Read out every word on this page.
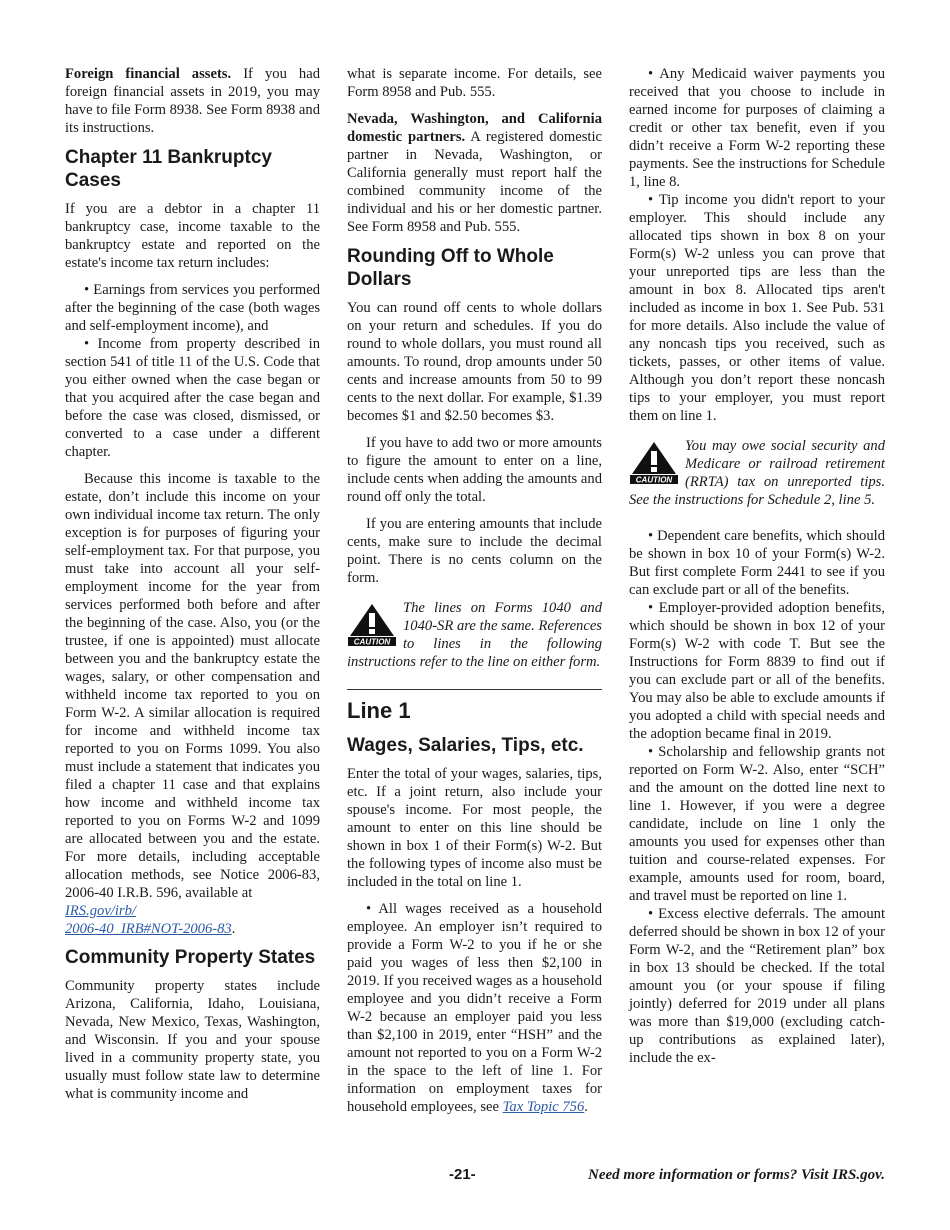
Foreign financial assets. If you had foreign financial assets in 2019, you may have to file Form 8938. See Form 8938 and its instructions.

Chapter 11 Bankruptcy Cases

If you are a debtor in a chapter 11 bankruptcy case, income taxable to the bankruptcy estate and reported on the estate's income tax return includes:

• Earnings from services you performed after the beginning of the case (both wages and self-employment income), and

• Income from property described in section 541 of title 11 of the U.S. Code that you either owned when the case began or that you acquired after the case began and before the case was closed, dismissed, or converted to a case under a different chapter.

Because this income is taxable to the estate, don’t include this income on your own individual income tax return. The only exception is for purposes of figuring your self-employment tax. For that purpose, you must take into account all your self-employment income for the year from services performed both before and after the beginning of the case. Also, you (or the trustee, if one is appointed) must allocate between you and the bankruptcy estate the wages, salary, or other compensation and withheld income tax reported to you on Form W-2. A similar allocation is required for income and withheld income tax reported to you on Forms 1099. You also must include a statement that indicates you filed a chapter 11 case and that explains how income and withheld income tax reported to you on Forms W-2 and 1099 are allocated between you and the estate. For more details, including acceptable allocation methods, see Notice 2006-83, 2006-40 I.R.B. 596, available at
IRS.gov/irb/
2006-40_IRB#NOT-2006-83.

Community Property States

Community property states include Arizona, California, Idaho, Louisiana, Nevada, New Mexico, Texas, Washington, and Wisconsin. If you and your spouse lived in a community property state, you usually must follow state law to determine what is community income and

what is separate income. For details, see Form 8958 and Pub. 555.

Nevada, Washington, and California domestic partners. A registered domestic partner in Nevada, Washington, or California generally must report half the combined community income of the individual and his or her domestic partner. See Form 8958 and Pub. 555.

Rounding Off to Whole Dollars

You can round off cents to whole dollars on your return and schedules. If you do round to whole dollars, you must round all amounts. To round, drop amounts under 50 cents and increase amounts from 50 to 99 cents to the next dollar. For example, $1.39 becomes $1 and $2.50 becomes $3.

If you have to add two or more amounts to figure the amount to enter on a line, include cents when adding the amounts and round off only the total.

If you are entering amounts that include cents, make sure to include the decimal point. There is no cents column on the form.

CAUTION
The lines on Forms 1040 and 1040-SR are the same. References to lines in the following instructions refer to the line on either form.
Line 1
Wages, Salaries, Tips, etc.

Enter the total of your wages, salaries, tips, etc. If a joint return, also include your spouse's income. For most people, the amount to enter on this line should be shown in box 1 of their Form(s) W-2. But the following types of income also must be included in the total on line 1.

• All wages received as a household employee. An employer isn’t required to provide a Form W-2 to you if he or she paid you wages of less then $2,100 in 2019. If you received wages as a household employee and you didn’t receive a Form W-2 because an employer paid you less than $2,100 in 2019, enter “HSH” and the amount not reported to you on a Form W-2 in the space to the left of line 1. For information on employment taxes for household employees, see Tax Topic 756.

• Any Medicaid waiver payments you received that you choose to include in earned income for purposes of claiming a credit or other tax benefit, even if you didn’t receive a Form W-2 reporting these payments. See the instructions for Schedule 1, line 8.

• Tip income you didn't report to your employer. This should include any allocated tips shown in box 8 on your Form(s) W-2 unless you can prove that your unreported tips are less than the amount in box 8. Allocated tips aren't included as income in box 1. See Pub. 531 for more details. Also include the value of any noncash tips you received, such as tickets, passes, or other items of value. Although you don’t report these noncash tips to your employer, you must report them on line 1.

CAUTION
You may owe social security and Medicare or railroad retirement (RRTA) tax on unreported tips. See the instructions for Schedule 2, line 5.

• Dependent care benefits, which should be shown in box 10 of your Form(s) W-2. But first complete Form 2441 to see if you can exclude part or all of the benefits.

• Employer-provided adoption benefits, which should be shown in box 12 of your Form(s) W-2 with code T. But see the Instructions for Form 8839 to find out if you can exclude part or all of the benefits. You may also be able to exclude amounts if you adopted a child with special needs and the adoption became final in 2019.

• Scholarship and fellowship grants not reported on Form W-2. Also, enter “SCH” and the amount on the dotted line next to line 1. However, if you were a degree candidate, include on line 1 only the amounts you used for expenses other than tuition and course-related expenses. For example, amounts used for room, board, and travel must be reported on line 1.

• Excess elective deferrals. The amount deferred should be shown in box 12 of your Form W-2, and the “Retirement plan” box in box 13 should be checked. If the total amount you (or your spouse if filing jointly) deferred for 2019 under all plans was more than $19,000 (excluding catch-up contributions as explained later), include the ex-

-21-	Need more information or forms? Visit IRS.gov.
